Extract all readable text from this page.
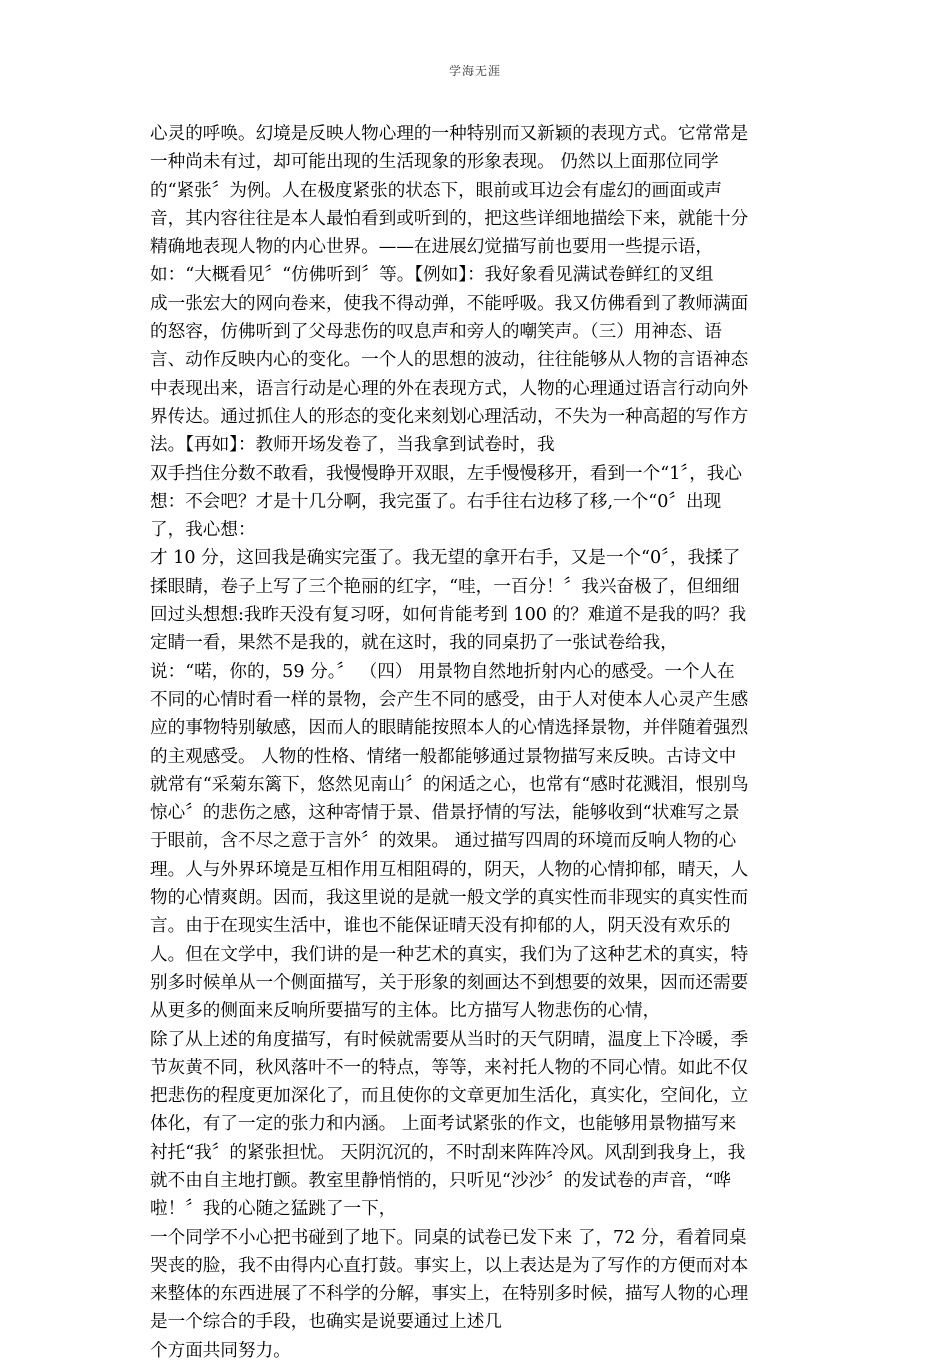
学海无涯
心灵的呼唤。幻境是反映人物心理的一种特别而又新颖的表现方式。它常常是
一种尚未有过，却可能出现的生活现象的形象表现。 仍然以上面那位同学
的“紧张〞为例。人在极度紧张的状态下，眼前或耳边会有虚幻的画面或声
音，其内容往往是本人最怕看到或听到的，把这些详细地描绘下来，就能十分
精确地表现人物的内心世界。——在进展幻觉描写前也要用一些提示语，
如：“大概看见〞“仿佛听到〞等。【例如】：我好象看见满试卷鲜红的叉组
成一张宏大的网向卷来，使我不得动弹，不能呼吸。我又仿佛看到了教师满面
的怒容，仿佛听到了父母悲伤的叹息声和旁人的嘲笑声。（三）用神态、语
言、动作反映内心的变化。一个人的思想的波动，往往能够从人物的言语神态
中表现出来，语言行动是心理的外在表现方式，人物的心理通过语言行动向外
界传达。通过抓住人的形态的变化来刻划心理活动，不失为一种高超的写作方
法。【再如】：教师开场发卷了，当我拿到试卷时，我
双手挡住分数不敢看，我慢慢睁开双眼，左手慢慢移开，看到一个“1〞，我心
想：不会吧？才是十几分啊，我完蛋了。右手往右边移了移,一个“0〞出现
了，我心想：
才 10 分，这回我是确实完蛋了。我无望的拿开右手，又是一个“0〞，我揉了
揉眼睛，卷子上写了三个艳丽的红字，“哇，一百分！〞我兴奋极了，但细细
回过头想想:我昨天没有复习呀，如何肯能考到 100 的？难道不是我的吗？我
定睛一看，果然不是我的，就在这时，我的同桌扔了一张试卷给我，
说：“喏，你的，59 分。〞 （四） 用景物自然地折射内心的感受。一个人在
不同的心情时看一样的景物，会产生不同的感受，由于人对使本人心灵产生感
应的事物特别敏感，因而人的眼睛能按照本人的心情选择景物，并伴随着强烈
的主观感受。 人物的性格、情绪一般都能够通过景物描写来反映。古诗文中
就常有“采菊东篱下，悠然见南山〞的闲适之心，也常有“感时花溅泪，恨别鸟
惊心〞的悲伤之感，这种寄情于景、借景抒情的写法，能够收到“状难写之景
于眼前，含不尽之意于言外〞的效果。 通过描写四周的环境而反响人物的心
理。人与外界环境是互相作用互相阻碍的，阴天，人物的心情抑郁，晴天，人
物的心情爽朗。因而，我这里说的是就一般文学的真实性而非现实的真实性而
言。由于在现实生活中，谁也不能保证晴天没有抑郁的人，阴天没有欢乐的
人。但在文学中，我们讲的是一种艺术的真实，我们为了这种艺术的真实，特
别多时候单从一个侧面描写，关于形象的刻画达不到想要的效果，因而还需要
从更多的侧面来反响所要描写的主体。比方描写人物悲伤的心情，
除了从上述的角度描写，有时候就需要从当时的天气阴晴，温度上下冷暖，季
节灰黄不同，秋风落叶不一的特点，等等，来衬托人物的不同心情。如此不仅
把悲伤的程度更加深化了，而且使你的文章更加生活化，真实化，空间化，立
体化，有了一定的张力和内涵。 上面考试紧张的作文，也能够用景物描写来
衬托“我〞的紧张担忧。 天阴沉沉的，不时刮来阵阵冷风。风刮到我身上，我
就不由自主地打颤。教室里静悄悄的，只听见“沙沙〞的发试卷的声音，“哗
啦！〞我的心随之猛跳了一下，
一个同学不小心把书碰到了地下。同桌的试卷已发下来 了，72 分，看着同桌
哭丧的脸，我不由得内心直打鼓。事实上，以上表达是为了写作的方便而对本
来整体的东西进展了不科学的分解，事实上，在特别多时候，描写人物的心理
是一个综合的手段，也确实是说要通过上述几
个方面共同努力。
